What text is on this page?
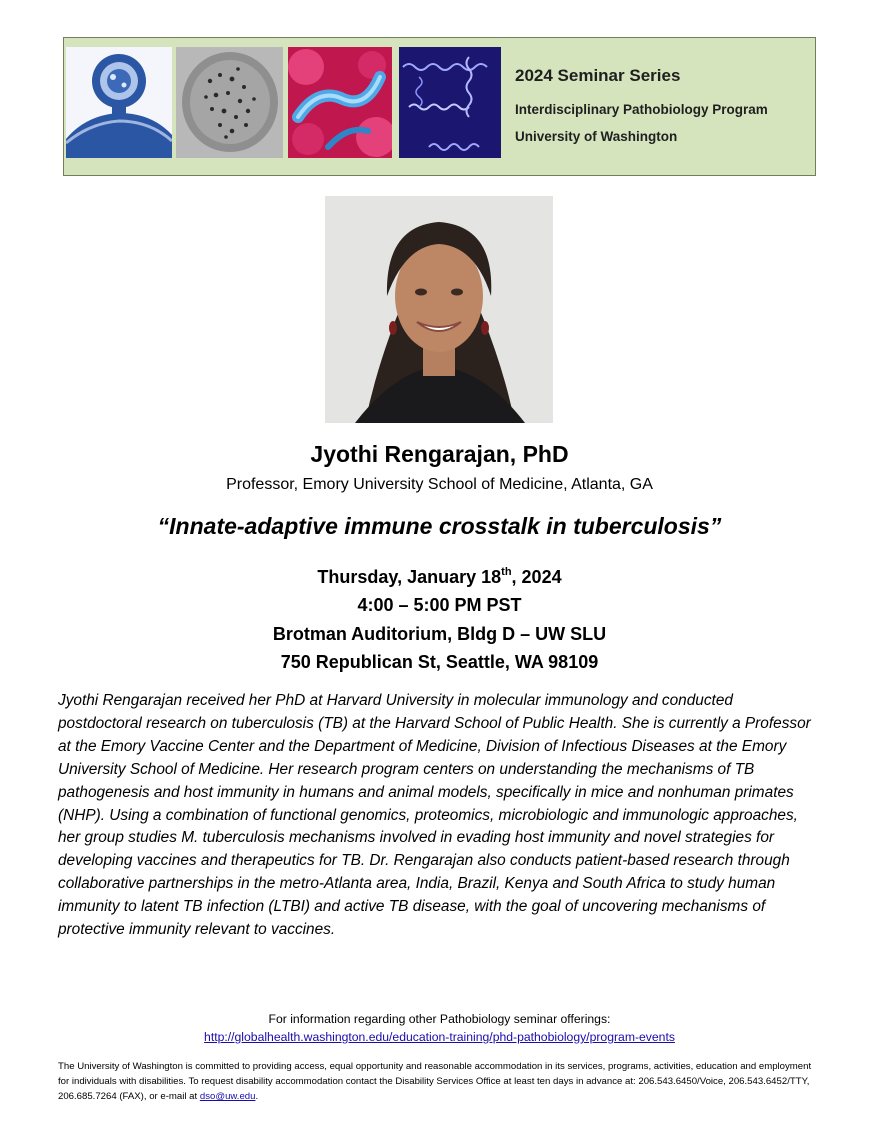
2024 Seminar Series

Interdisciplinary Pathobiology Program

University of Washington

Jyothi Rengarajan, PhD
Professor, Emory University School of Medicine, Atlanta, GA
“Innate-adaptive immune crosstalk in tuberculosis”
Thursday, January 18th, 2024
4:00 – 5:00 PM PST
Brotman Auditorium, Bldg D – UW SLU
750 Republican St, Seattle, WA 98109

Jyothi Rengarajan received her PhD at Harvard University in molecular immunology and conducted postdoctoral research on tuberculosis (TB) at the Harvard School of Public Health. She is currently a Professor at the Emory Vaccine Center and the Department of Medicine, Division of Infectious Diseases at the Emory University School of Medicine. Her research program centers on understanding the mechanisms of TB pathogenesis and host immunity in humans and animal models, specifically in mice and nonhuman primates (NHP). Using a combination of functional genomics, proteomics, microbiologic and immunologic approaches, her group studies M. tuberculosis mechanisms involved in evading host immunity and novel strategies for developing vaccines and therapeutics for TB. Dr. Rengarajan also conducts patient-based research through collaborative partnerships in the metro-Atlanta area, India, Brazil, Kenya and South Africa to study human immunity to latent TB infection (LTBI) and active TB disease, with the goal of uncovering mechanisms of protective immunity relevant to vaccines.

For information regarding other Pathobiology seminar offerings:
http://globalhealth.washington.edu/education-training/phd-pathobiology/program-events

The University of Washington is committed to providing access, equal opportunity and reasonable accommodation in its services, programs, activities, education and employment for individuals with disabilities. To request disability accommodation contact the Disability Services Office at least ten days in advance at: 206.543.6450/Voice, 206.543.6452/TTY, 206.685.7264 (FAX), or e-mail at dso@uw.edu.
